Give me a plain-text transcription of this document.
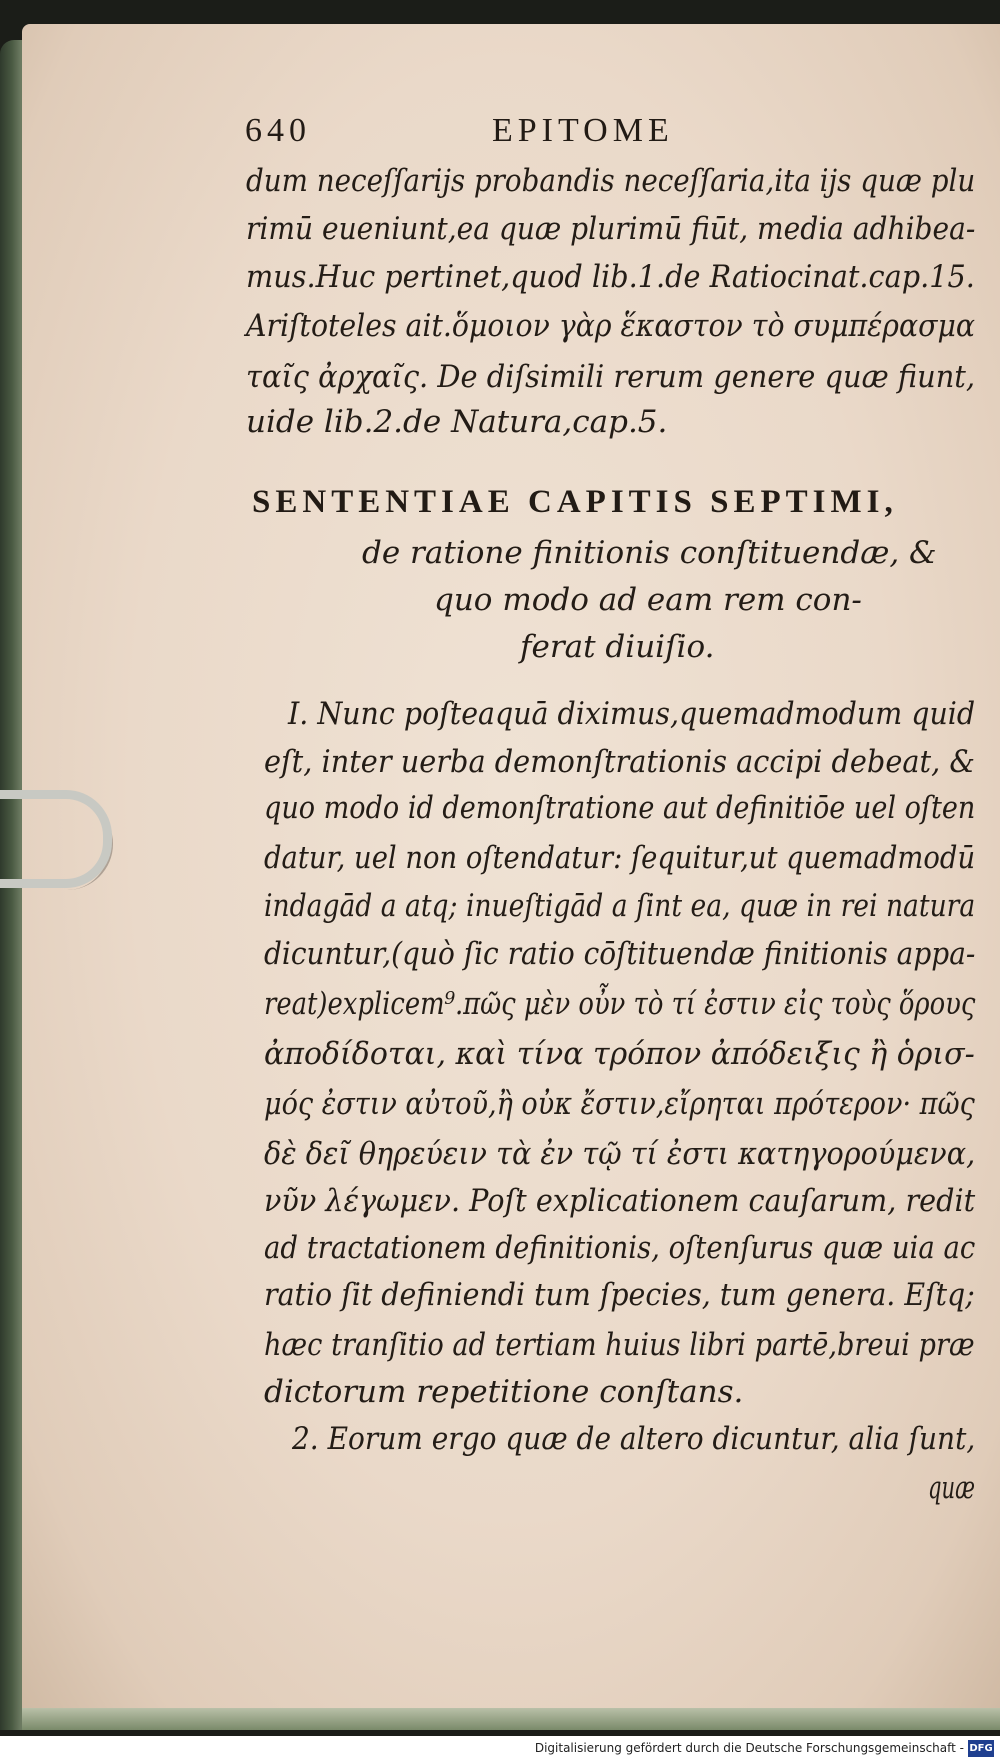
640	EPITOME
dum neceſſarijs probandis neceſſaria,ita ijs quæ plu
rimū eueniunt,ea quæ plurimū fiūt, media adhibea-
mus.Huc pertinet,quod lib.1.de Ratiocinat.cap.15.
Ariſtoteles ait.ὅμοιον γὰρ ἕκαστον τὸ συμπέρασμα
ταῖς ἀρχαῖς. De diſsimili rerum genere quæ fiunt,
uide lib.2.de Natura,cap.5.
SENTENTIAE CAPITIS SEPTIMI,
de ratione finitionis conſtituendæ, &
quo modo ad eam rem con-
ferat diuiſio.
I. Nunc poſteaquā diximus,quemadmodum quid
eſt, inter uerba demonſtrationis accipi debeat, &
quo modo id demonſtratione aut definitiōe uel oſten
datur, uel non oſtendatur: ſequitur,ut quemadmodū
indagād a atq; inueſtigād a ſint ea, quæ in rei natura
dicuntur,(quò ſic ratio cōſtituendæ finitionis appa-
reat)explicem⁹.πῶς μὲν οὖν τὸ τί ἐστιν εἰς τοὺς ὅρους
ἀποδίδοται, καὶ τίνα τρόπον ἀπόδειξις ἢ ὁρισ-
μός ἐστιν αὐτοῦ,ἢ οὐκ ἔστιν,εἴρηται πρότερον· πῶς
δὲ δεῖ θηρεύειν τὰ ἐν τῷ τί ἐστι κατηγορούμενα,
νῦν λέγωμεν. Poſt explicationem cauſarum, redit
ad tractationem definitionis, oſtenſurus quæ uia ac
ratio ſit definiendi tum ſpecies, tum genera. Eſtq;
hæc tranſitio ad tertiam huius libri partē,breui præ
dictorum repetitione conſtans.
2. Eorum ergo quæ de altero dicuntur, alia ſunt,
quæ
Digitalisierung gefördert durch die Deutsche Forschungsgemeinschaft - DFG
